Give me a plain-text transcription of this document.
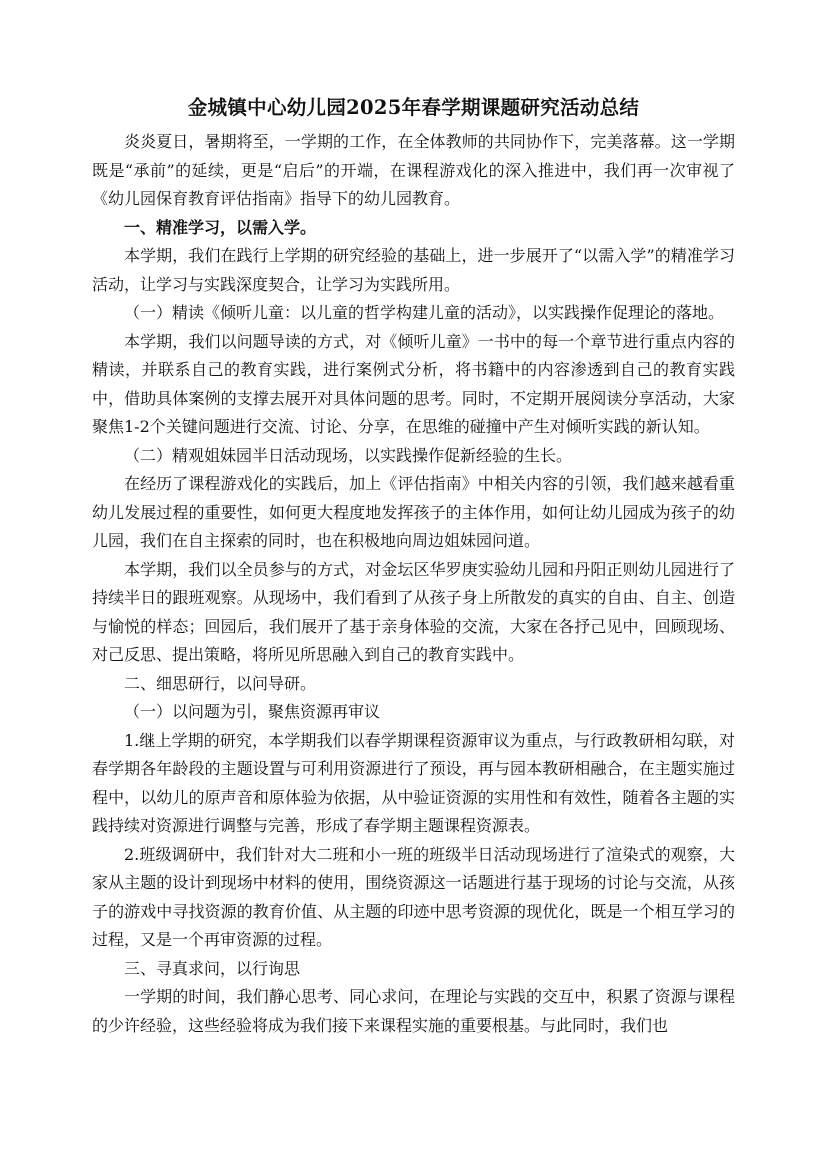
金城镇中心幼儿园2025年春学期课题研究活动总结

炎炎夏日，暑期将至，一学期的工作，在全体教师的共同协作下，完美落幕。这一学期既是“承前”的延续，更是“启后”的开端，在课程游戏化的深入推进中，我们再一次审视了《幼儿园保育教育评估指南》指导下的幼儿园教育。

一、精准学习，以需入学。

本学期，我们在践行上学期的研究经验的基础上，进一步展开了“以需入学”的精准学习活动，让学习与实践深度契合，让学习为实践所用。

（一）精读《倾听儿童：以儿童的哲学构建儿童的活动》，以实践操作促理论的落地。

本学期，我们以问题导读的方式，对《倾听儿童》一书中的每一个章节进行重点内容的精读，并联系自己的教育实践，进行案例式分析，将书籍中的内容渗透到自己的教育实践中，借助具体案例的支撑去展开对具体问题的思考。同时，不定期开展阅读分享活动，大家聚焦1-2个关键问题进行交流、讨论、分享，在思维的碰撞中产生对倾听实践的新认知。

（二）精观姐妹园半日活动现场，以实践操作促新经验的生长。

在经历了课程游戏化的实践后，加上《评估指南》中相关内容的引领，我们越来越看重幼儿发展过程的重要性，如何更大程度地发挥孩子的主体作用，如何让幼儿园成为孩子的幼儿园，我们在自主探索的同时，也在积极地向周边姐妹园问道。

本学期，我们以全员参与的方式，对金坛区华罗庚实验幼儿园和丹阳正则幼儿园进行了持续半日的跟班观察。从现场中，我们看到了从孩子身上所散发的真实的自由、自主、创造与愉悦的样态；回园后，我们展开了基于亲身体验的交流，大家在各抒己见中，回顾现场、对己反思、提出策略，将所见所思融入到自己的教育实践中。

二、细思研行，以问导研。

（一）以问题为引，聚焦资源再审议

1.继上学期的研究，本学期我们以春学期课程资源审议为重点，与行政教研相勾联，对春学期各年龄段的主题设置与可利用资源进行了预设，再与园本教研相融合，在主题实施过程中，以幼儿的原声音和原体验为依据，从中验证资源的实用性和有效性，随着各主题的实践持续对资源进行调整与完善，形成了春学期主题课程资源表。

2.班级调研中，我们针对大二班和小一班的班级半日活动现场进行了渲染式的观察，大家从主题的设计到现场中材料的使用，围绕资源这一话题进行基于现场的讨论与交流，从孩子的游戏中寻找资源的教育价值、从主题的印迹中思考资源的现优化，既是一个相互学习的过程，又是一个再审资源的过程。

三、寻真求问，以行询思

一学期的时间，我们静心思考、同心求问，在理论与实践的交互中，积累了资源与课程的少许经验，这些经验将成为我们接下来课程实施的重要根基。与此同时，我们也
